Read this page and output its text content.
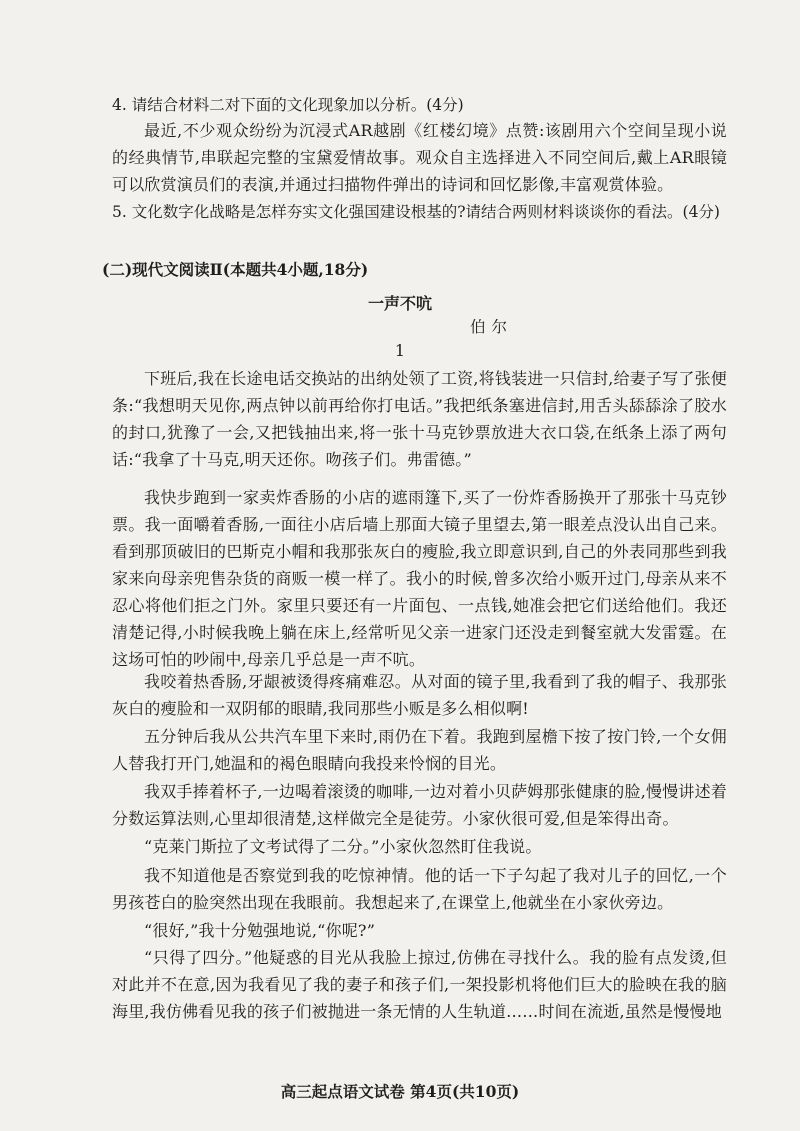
4. 请结合材料二对下面的文化现象加以分析。(4分)
最近,不少观众纷纷为沉浸式AR越剧《红楼幻境》点赞:该剧用六个空间呈现小说的经典情节,串联起完整的宝黛爱情故事。观众自主选择进入不同空间后,戴上AR眼镜可以欣赏演员们的表演,并通过扫描物件弹出的诗词和回忆影像,丰富观赏体验。
5. 文化数字化战略是怎样夯实文化强国建设根基的?请结合两则材料谈谈你的看法。(4分)
(二)现代文阅读Ⅱ(本题共4小题,18分)
一声不吭
伯尔
1
下班后,我在长途电话交换站的出纳处领了工资,将钱装进一只信封,给妻子写了张便条:“我想明天见你,两点钟以前再给你打电话。”我把纸条塞进信封,用舌头舔舔涂了胶水的封口,犹豫了一会,又把钱抽出来,将一张十马克钞票放进大衣口袋,在纸条上添了两句话:“我拿了十马克,明天还你。吻孩子们。弗雷德。”
我快步跑到一家卖炸香肠的小店的遮雨篷下,买了一份炸香肠换开了那张十马克钞票。我一面嚼着香肠,一面往小店后墙上那面大镜子里望去,第一眼差点没认出自己来。看到那顶破旧的巴斯克小帽和我那张灰白的瘦脸,我立即意识到,自己的外表同那些到我家来向母亲兜售杂货的商贩一模一样了。我小的时候,曾多次给小贩开过门,母亲从来不忍心将他们拒之门外。家里只要还有一片面包、一点钱,她准会把它们送给他们。我还清楚记得,小时候我晚上躺在床上,经常听见父亲一进家门还没走到餐室就大发雷霆。在这场可怕的吵闹中,母亲几乎总是一声不吭。
我咬着热香肠,牙龈被烫得疼痛难忍。从对面的镜子里,我看到了我的帽子、我那张灰白的瘦脸和一双阴郁的眼睛,我同那些小贩是多么相似啊!
五分钟后我从公共汽车里下来时,雨仍在下着。我跑到屋檐下按了按门铃,一个女佣人替我打开门,她温和的褐色眼睛向我投来怜悯的目光。
我双手捧着杯子,一边喝着滚烫的咖啡,一边对着小贝萨姆那张健康的脸,慢慢讲述着分数运算法则,心里却很清楚,这样做完全是徒劳。小家伙很可爱,但是笨得出奇。
“克莱门斯拉了文考试得了二分。”小家伙忽然盯住我说。
我不知道他是否察觉到我的吃惊神情。他的话一下子勾起了我对儿子的回忆,一个男孩苍白的脸突然出现在我眼前。我想起来了,在课堂上,他就坐在小家伙旁边。
“很好,”我十分勉强地说,“你呢?”
“只得了四分。”他疑惑的目光从我脸上掠过,仿佛在寻找什么。我的脸有点发烫,但对此并不在意,因为我看见了我的妻子和孩子们,一架投影机将他们巨大的脸映在我的脑海里,我仿佛看见我的孩子们被抛进一条无情的人生轨道……时间在流逝,虽然是慢慢地
高三起点语文试卷 第4页(共10页)
